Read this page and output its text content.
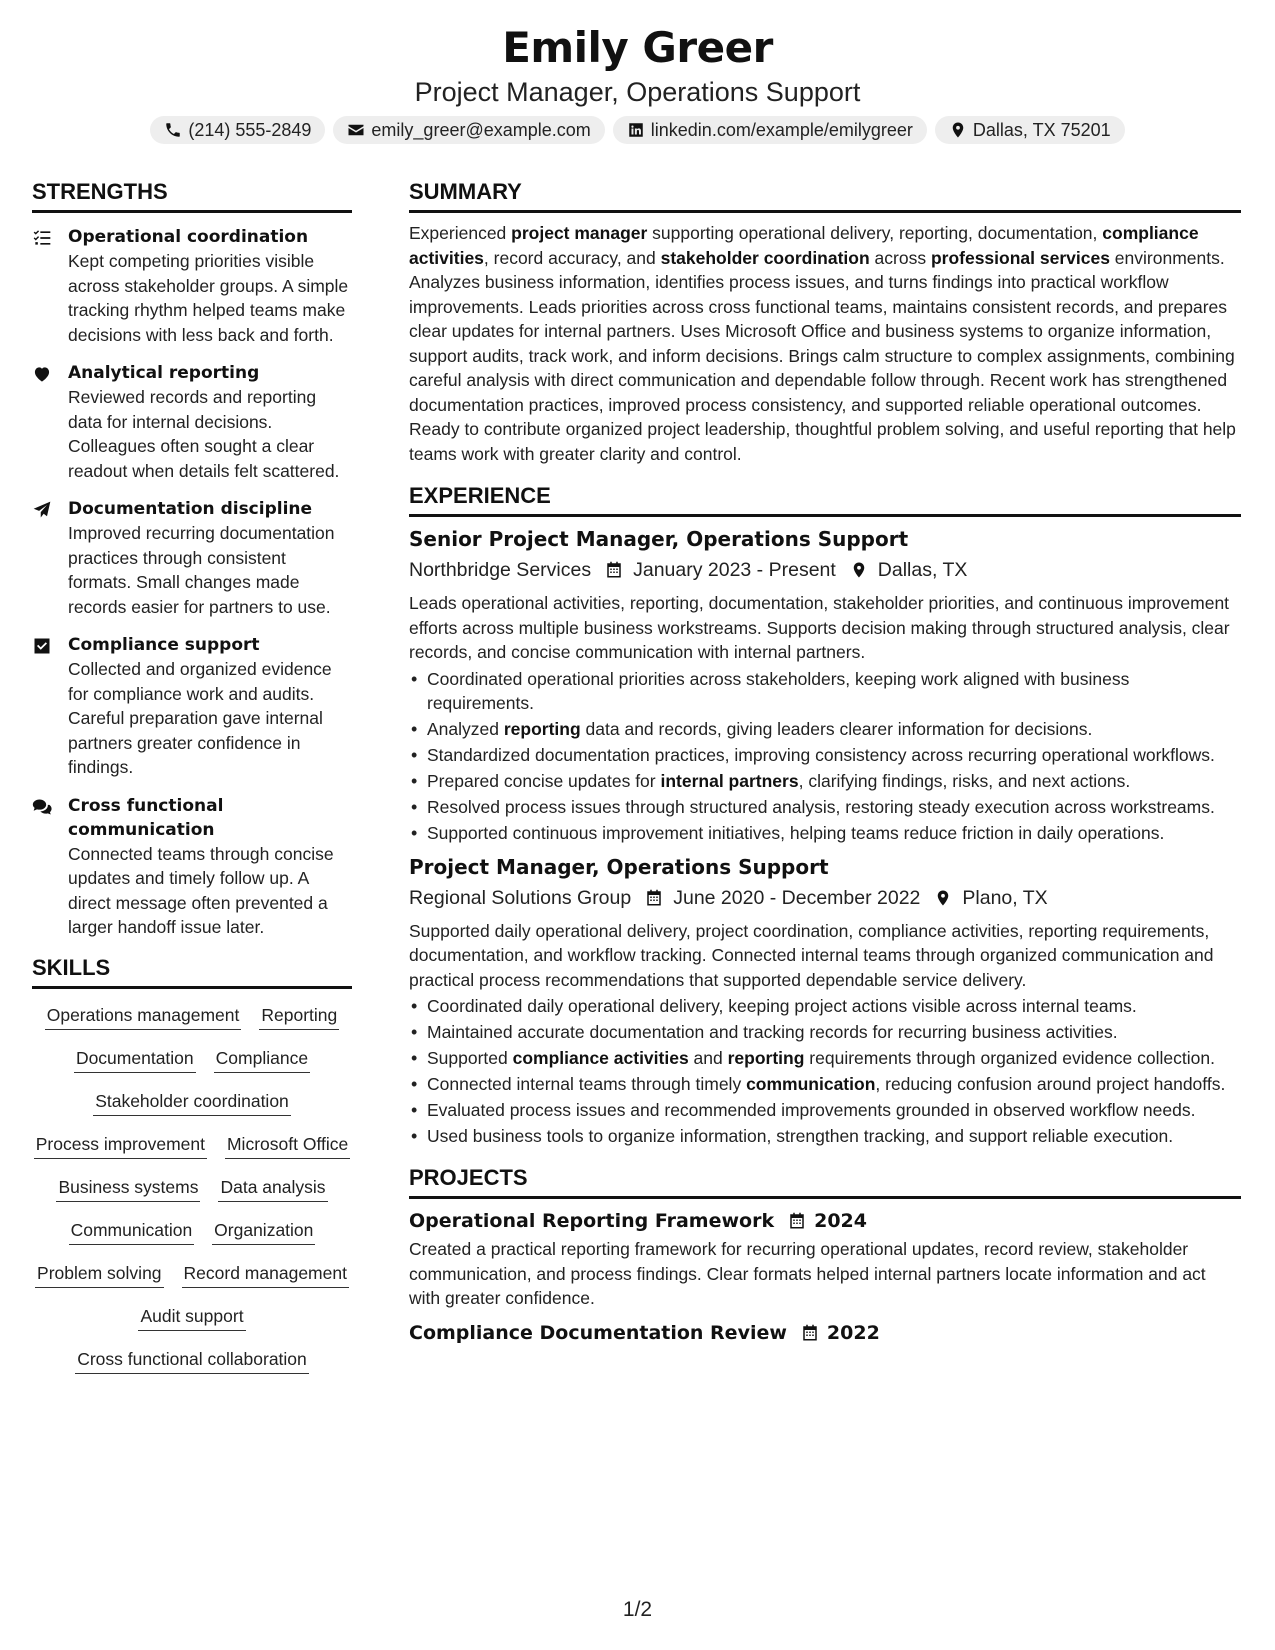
Emily Greer
Project Manager, Operations Support
(214) 555-2849	emily_greer@example.com	linkedin.com/example/emilygreer	Dallas, TX 75201
STRENGTHS
Operational coordination
Kept competing priorities visible across stakeholder groups. A simple tracking rhythm helped teams make decisions with less back and forth.
Analytical reporting
Reviewed records and reporting data for internal decisions. Colleagues often sought a clear readout when details felt scattered.
Documentation discipline
Improved recurring documentation practices through consistent formats. Small changes made records easier for partners to use.
Compliance support
Collected and organized evidence for compliance work and audits. Careful preparation gave internal partners greater confidence in findings.
Cross functional communication
Connected teams through concise updates and timely follow up. A direct message often prevented a larger handoff issue later.
SKILLS
Operations management Reporting
Documentation Compliance
Stakeholder coordination
Process improvement Microsoft Office
Business systems Data analysis
Communication Organization
Problem solving Record management
Audit support
Cross functional collaboration
SUMMARY
Experienced project manager supporting operational delivery, reporting, documentation, compliance activities, record accuracy, and stakeholder coordination across professional services environments. Analyzes business information, identifies process issues, and turns findings into practical workflow improvements. Leads priorities across cross functional teams, maintains consistent records, and prepares clear updates for internal partners. Uses Microsoft Office and business systems to organize information, support audits, track work, and inform decisions. Brings calm structure to complex assignments, combining careful analysis with direct communication and dependable follow through. Recent work has strengthened documentation practices, improved process consistency, and supported reliable operational outcomes. Ready to contribute organized project leadership, thoughtful problem solving, and useful reporting that help teams work with greater clarity and control.
EXPERIENCE
Senior Project Manager, Operations Support
Northbridge Services January 2023 - Present Dallas, TX
Leads operational activities, reporting, documentation, stakeholder priorities, and continuous improvement efforts across multiple business workstreams. Supports decision making through structured analysis, clear records, and concise communication with internal partners.
• Coordinated operational priorities across stakeholders, keeping work aligned with business requirements.
• Analyzed reporting data and records, giving leaders clearer information for decisions.
• Standardized documentation practices, improving consistency across recurring operational workflows.
• Prepared concise updates for internal partners, clarifying findings, risks, and next actions.
• Resolved process issues through structured analysis, restoring steady execution across workstreams.
• Supported continuous improvement initiatives, helping teams reduce friction in daily operations.
Project Manager, Operations Support
Regional Solutions Group June 2020 - December 2022 Plano, TX
Supported daily operational delivery, project coordination, compliance activities, reporting requirements, documentation, and workflow tracking. Connected internal teams through organized communication and practical process recommendations that supported dependable service delivery.
• Coordinated daily operational delivery, keeping project actions visible across internal teams.
• Maintained accurate documentation and tracking records for recurring business activities.
• Supported compliance activities and reporting requirements through organized evidence collection.
• Connected internal teams through timely communication, reducing confusion around project handoffs.
• Evaluated process issues and recommended improvements grounded in observed workflow needs.
• Used business tools to organize information, strengthen tracking, and support reliable execution.
PROJECTS
Operational Reporting Framework 2024
Created a practical reporting framework for recurring operational updates, record review, stakeholder communication, and process findings. Clear formats helped internal partners locate information and act with greater confidence.
Compliance Documentation Review 2022
1/2
